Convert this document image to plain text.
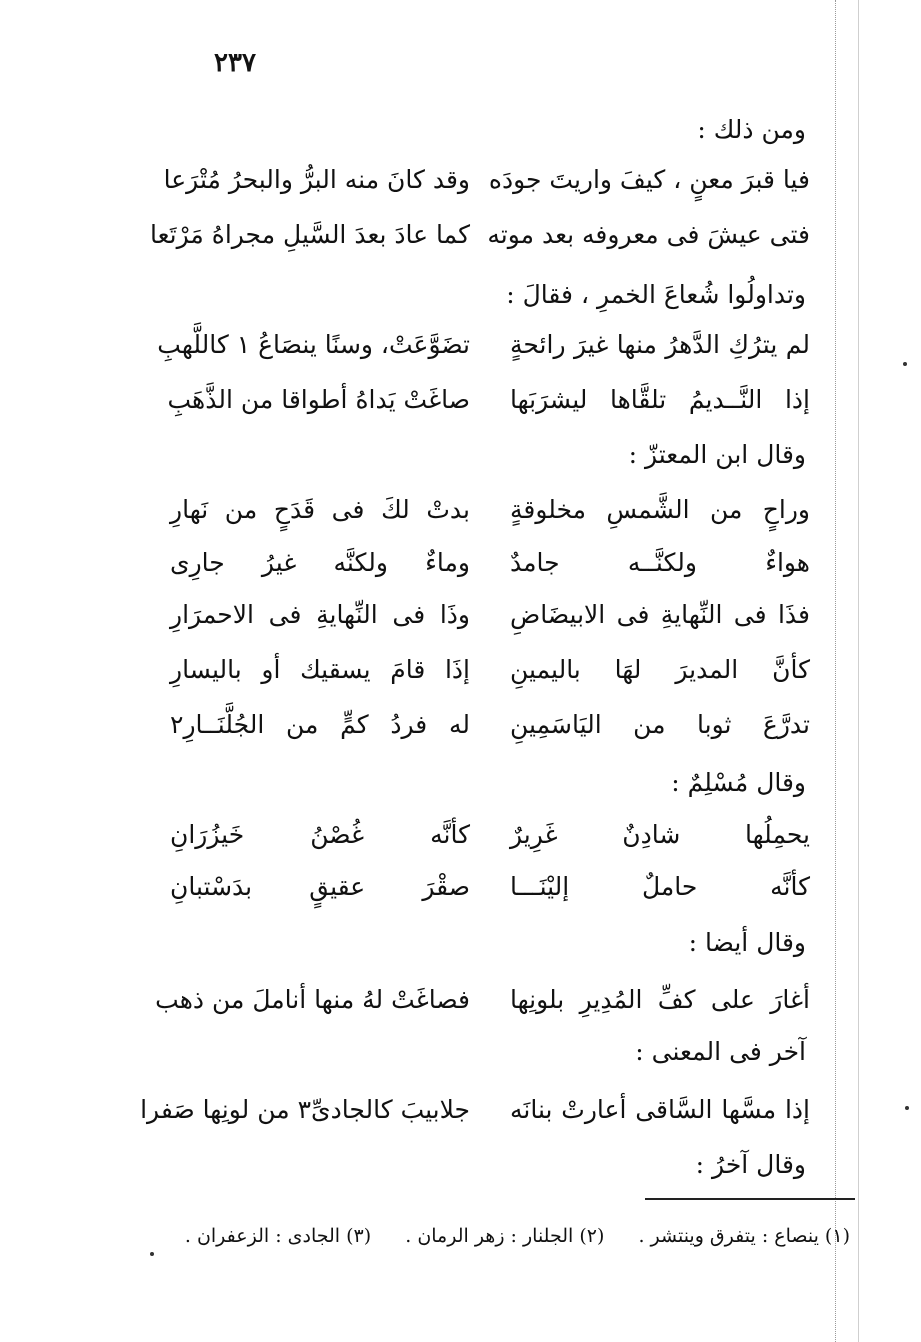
٢٣٧
ومن ذلك :
فيا قبرَ معنٍ ، كيفَ واريتَ جودَه
وقد كانَ منه البرُّ والبحرُ مُتْرَعا
فتى عيشَ فى معروفه بعد موته
كما عادَ بعدَ السَّيلِ مجراهُ مَرْتَعا
وتداولُوا شُعاعَ الخمرِ ، فقالَ :
لم يترُكِ الدَّهرُ منها غيرَ رائحةٍ
تضَوَّعَتْ، وسنًا ينصَاعُ ١ كاللَّهبِ
إذا النَّــديمُ تلقَّاها ليشرَبَها
صاغَتْ يَداهُ أطواقا من الذَّهَبِ
وقال ابن المعتزّ :
وراحٍ من الشَّمسِ مخلوقةٍ
بدتْ لكَ فى قَدَحٍ من نَهارِ
هواءٌ ولكنَّــه جامدٌ
وماءٌ ولكنَّه غيرُ جارِى
فذَا فى النِّهايةِ فى الابيضَاضِ
وذَا فى النِّهايةِ فى الاحمرَارِ
كأنَّ المديرَ لهَا باليمينِ
إذَا قامَ يسقيك أو باليسارِ
تدرَّعَ ثوبا من اليَاسَمِينِ
له فردُ كمٍّ من الجُلَّنَــارِ٢
وقال مُسْلِمٌ :
يحمِلُها شادِنٌ غَرِيرٌ
كأنَّه غُصْنُ خَيزُرَانِ
كأنَّه حاملٌ إليْنَـــا
صقْرَ عقيقٍ بدَسْتبانِ
وقال أيضا :
أغارَ على كفِّ المُدِيرِ بلونِها
فصاغَتْ لهُ منها أناملَ من ذهب
آخر فى المعنى :
إذا مسَّها السَّاقى أعارتْ بنانَه
جلابيبَ كالجادىِّ٣ من لونِها صَفرا
وقال آخرُ :
(١) ينصاع : يتفرق وينتشر . (٢) الجلنار : زهر الرمان . (٣) الجادى : الزعفران .
